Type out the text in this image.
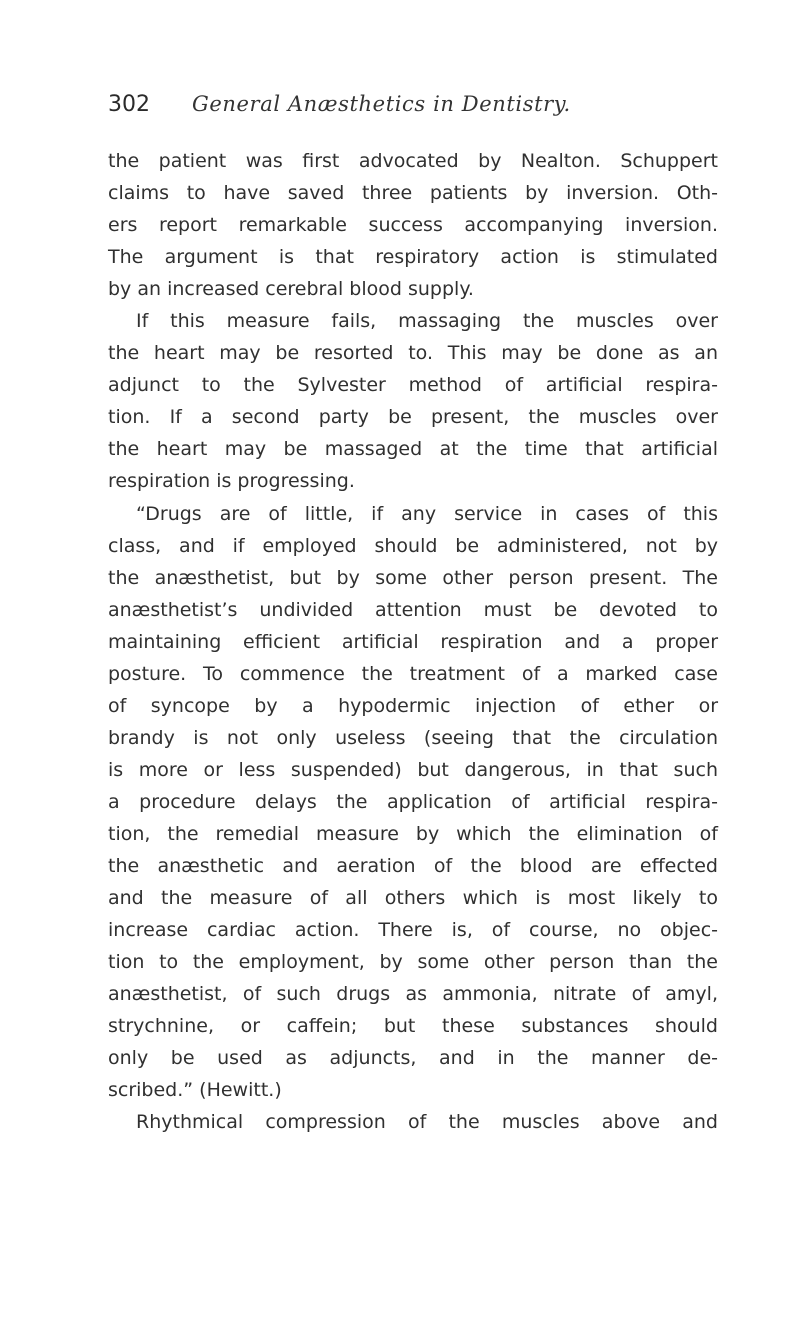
302 General Anæsthetics in Dentistry.
the patient was first advocated by Nealton. Schuppert
claims to have saved three patients by inversion. Oth-
ers report remarkable success accompanying inversion.
The argument is that respiratory action is stimulated
by an increased cerebral blood supply.
If this measure fails, massaging the muscles over
the heart may be resorted to. This may be done as an
adjunct to the Sylvester method of artificial respira-
tion. If a second party be present, the muscles over
the heart may be massaged at the time that artificial
respiration is progressing.
“Drugs are of little, if any service in cases of this
class, and if employed should be administered, not by
the anæsthetist, but by some other person present. The
anæsthetist’s undivided attention must be devoted to
maintaining efficient artificial respiration and a proper
posture. To commence the treatment of a marked case
of syncope by a hypodermic injection of ether or
brandy is not only useless (seeing that the circulation
is more or less suspended) but dangerous, in that such
a procedure delays the application of artificial respira-
tion, the remedial measure by which the elimination of
the anæsthetic and aeration of the blood are effected
and the measure of all others which is most likely to
increase cardiac action. There is, of course, no objec-
tion to the employment, by some other person than the
anæsthetist, of such drugs as ammonia, nitrate of amyl,
strychnine, or caffein; but these substances should
only be used as adjuncts, and in the manner de-
scribed.” (Hewitt.)
Rhythmical compression of the muscles above and
